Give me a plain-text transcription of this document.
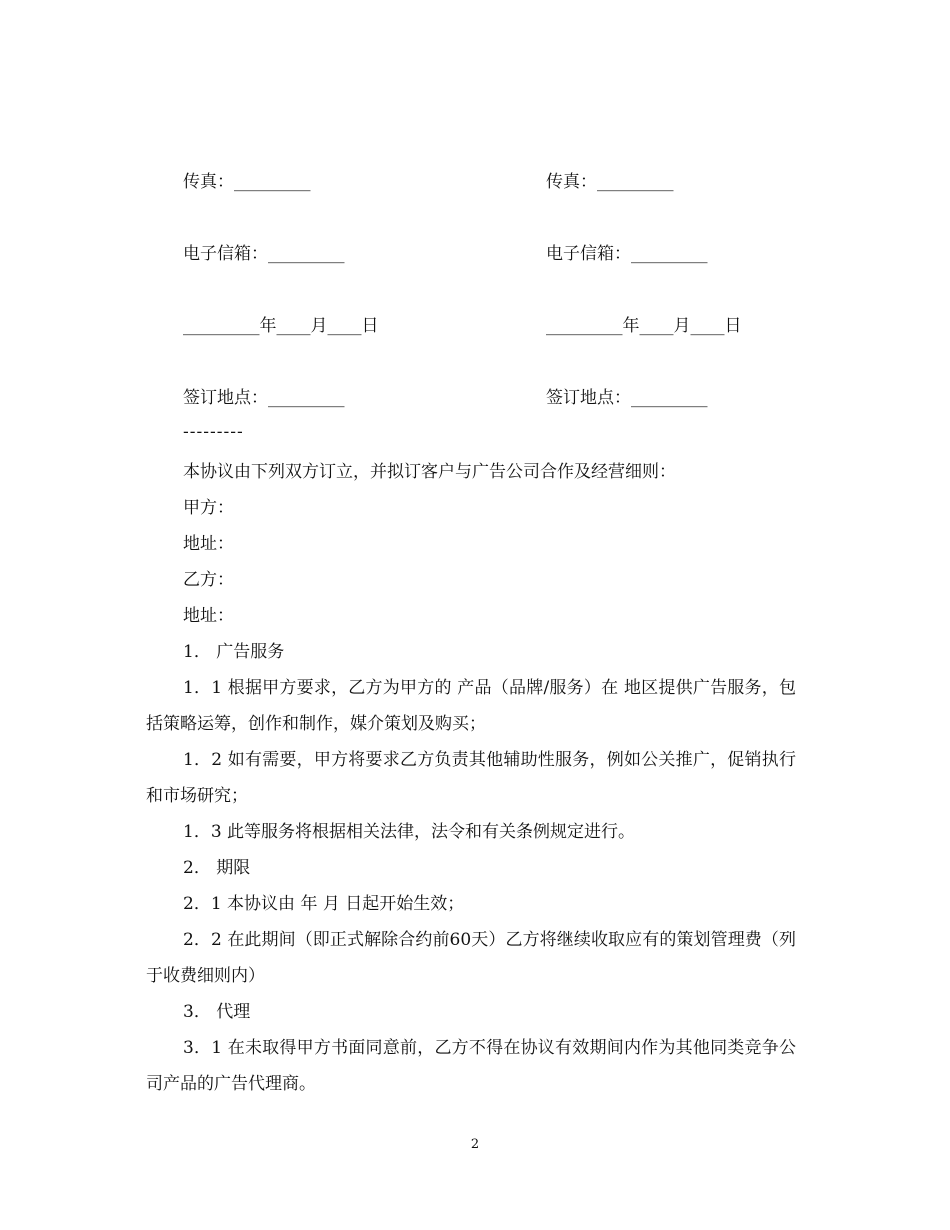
传真：_________
电子信箱：_________
_________年____月____日
签订地点：_________
传真：_________
电子信箱：_________
_________年____月____日
签订地点：_________
---------

本协议由下列双方订立，并拟订客户与广告公司合作及经营细则：

甲方：

地址：

乙方：

地址：

1． 广告服务

1．1 根据甲方要求，乙方为甲方的 产品（品牌/服务）在 地区提供广告服务，包括策略运筹，创作和制作，媒介策划及购买；

1．2 如有需要，甲方将要求乙方负责其他辅助性服务，例如公关推广，促销执行和市场研究；

1．3 此等服务将根据相关法律，法令和有关条例规定进行。

2． 期限

2．1 本协议由 年 月 日起开始生效；

2．2 在此期间（即正式解除合约前60天）乙方将继续收取应有的策划管理费（列于收费细则内）

3． 代理

3．1 在未取得甲方书面同意前，乙方不得在协议有效期间内作为其他同类竞争公司产品的广告代理商。

2
